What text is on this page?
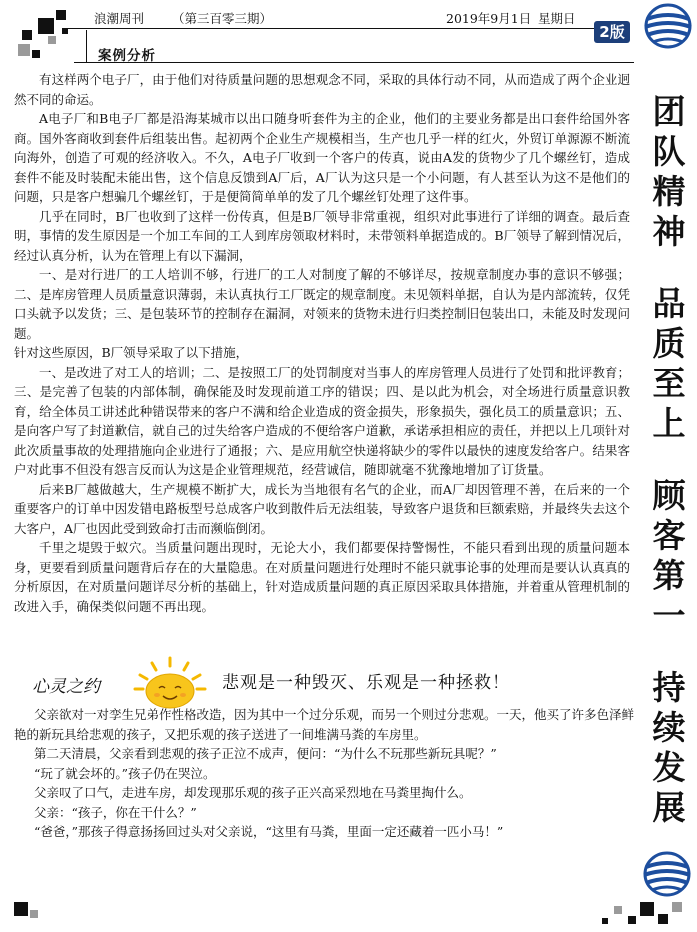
浪潮周刊 （第三百零三期）	2019年9月1日 星期日
2版
案例分析

有这样两个电子厂，由于他们对待质量问题的思想观念不同，采取的具体行动不同，从而造成了两个企业迥然不同的命运。

A电子厂和B电子厂都是沿海某城市以出口随身听套件为主的企业，他们的主要业务都是出口套件给国外客商。国外客商收到套件后组装出售。起初两个企业生产规模相当，生产也几乎一样的红火，外贸订单源源不断流向海外，创造了可观的经济收入。不久，A电子厂收到一个客户的传真，说由A发的货物少了几个螺丝钉，造成套件不能及时装配未能出售，这个信息反馈到A厂后，A厂认为这只是一个小问题，有人甚至认为这不是他们的问题，只是客户想骗几个螺丝钉，于是便简简单单的发了几个螺丝钉处理了这件事。

几乎在同时，B厂也收到了这样一份传真，但是B厂领导非常重视，组织对此事进行了详细的调查。最后查明，事情的发生原因是一个加工车间的工人到库房领取材料时，未带领料单据造成的。B厂领导了解到情况后，经过认真分析，认为在管理上有以下漏洞，

一、是对行进厂的工人培训不够，行进厂的工人对制度了解的不够详尽，按规章制度办事的意识不够强；二、是库房管理人员质量意识薄弱，未认真执行工厂既定的规章制度。未见领料单据，自认为是内部流转，仅凭口头就予以发货；三、是包装环节的控制存在漏洞，对领来的货物未进行归类控制旧包装出口，未能及时发现问题。

针对这些原因，B厂领导采取了以下措施，

一、是改进了对工人的培训；二、是按照工厂的处罚制度对当事人的库房管理人员进行了处罚和批评教育；三、是完善了包装的内部体制，确保能及时发现前道工序的错误；四、是以此为机会，对全场进行质量意识教育，给全体员工讲述此种错误带来的客户不满和给企业造成的资金损失，形象损失，强化员工的质量意识；五、是向客户写了封道歉信，就自己的过失给客户造成的不便给客户道歉，承诺承担相应的责任，并把以上几项针对此次质量事故的处理措施向企业进行了通报；六、是应用航空快递将缺少的零件以最快的速度发给客户。结果客户对此事不但没有怨言反而认为这是企业管理规范，经营诚信，随即就毫不犹豫地增加了订货量。

后来B厂越做越大，生产规模不断扩大，成长为当地很有名气的企业，而A厂却因管理不善，在后来的一个重要客户的订单中因发错电路板型号总成客户收到散件后无法组装，导致客户退货和巨额索赔，并最终失去这个大客户，A厂也因此受到致命打击而濒临倒闭。

千里之堤毁于蚁穴。当质量问题出现时，无论大小，我们都要保持警惕性，不能只看到出现的质量问题本身，更要看到质量问题背后存在的大量隐患。在对质量问题进行处理时不能只就事论事的处理而是要认认真真的分析原因，在对质量问题详尽分析的基础上，针对造成质量问题的真正原因采取具体措施，并着重从管理机制的改进入手，确保类似问题不再出现。

团
队
精
神
品
质
至
上
顾
客
第
一
持
续
发
展
心灵之约	悲观是一种毁灭、乐观是一种拯救！

父亲欲对一对孪生兄弟作性格改造，因为其中一个过分乐观，而另一个则过分悲观。一天，他买了许多色泽鲜艳的新玩具给悲观的孩子，又把乐观的孩子送进了一间堆满马粪的车房里。

第二天清晨，父亲看到悲观的孩子正泣不成声，便问：“为什么不玩那些新玩具呢？”

“玩了就会坏的。”孩子仍在哭泣。

父亲叹了口气，走进车房，却发现那乐观的孩子正兴高采烈地在马粪里掏什么。

父亲：“孩子，你在干什么？”

“爸爸，”那孩子得意扬扬回过头对父亲说，“这里有马粪，里面一定还藏着一匹小马！”
